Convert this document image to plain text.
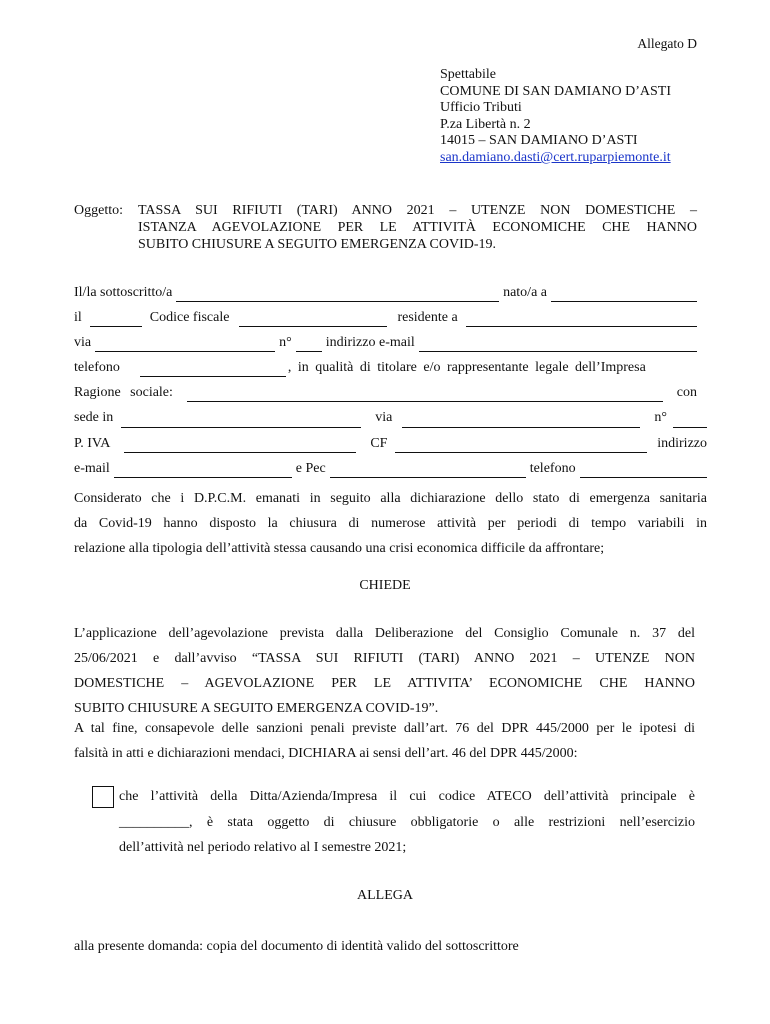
Allegato D
Spettabile
COMUNE DI SAN DAMIANO D’ASTI
Ufficio Tributi
P.za Libertà n. 2
14015 – SAN DAMIANO D’ASTI
san.damiano.dasti@cert.ruparpiemonte.it
Oggetto: TASSA SUI RIFIUTI (TARI) ANNO 2021 – UTENZE NON DOMESTICHE –
ISTANZA AGEVOLAZIONE PER LE ATTIVITÀ ECONOMICHE CHE HANNO
SUBITO CHIUSURE A SEGUITO EMERGENZA COVID-19.
Il/la sottoscritto/a	nato/a a
il	Codice fiscale	residente a
via	n° indirizzo e-mail
telefono	, in qualità di titolare e/o rappresentante legale dell’Impresa
Ragione sociale:	con
sede in	via	n°
P. IVA	CF	indirizzo
e-mail	e Pec	telefono
Considerato che i D.P.C.M. emanati in seguito alla dichiarazione dello stato di emergenza sanitaria
da Covid-19 hanno disposto la chiusura di numerose attività per periodi di tempo variabili in
relazione alla tipologia dell’attività stessa causando una crisi economica difficile da affrontare;
CHIEDE
L’applicazione dell’agevolazione prevista dalla Deliberazione del Consiglio Comunale n. 37 del
25/06/2021 e dall’avviso “TASSA SUI RIFIUTI (TARI) ANNO 2021 – UTENZE NON
DOMESTICHE – AGEVOLAZIONE PER LE ATTIVITA’ ECONOMICHE CHE HANNO
SUBITO CHIUSURE A SEGUITO EMERGENZA COVID-19”.
A tal fine, consapevole delle sanzioni penali previste dall’art. 76 del DPR 445/2000 per le ipotesi di
falsità in atti e dichiarazioni mendaci, DICHIARA ai sensi dell’art. 46 del DPR 445/2000:
che l’attività della Ditta/Azienda/Impresa il cui codice ATECO dell’attività principale è
__________ , è stata oggetto di chiusure obbligatorie o alle restrizioni nell’esercizio
dell’attività nel periodo relativo al I semestre 2021;
ALLEGA
alla presente domanda: copia del documento di identità valido del sottoscrittore
